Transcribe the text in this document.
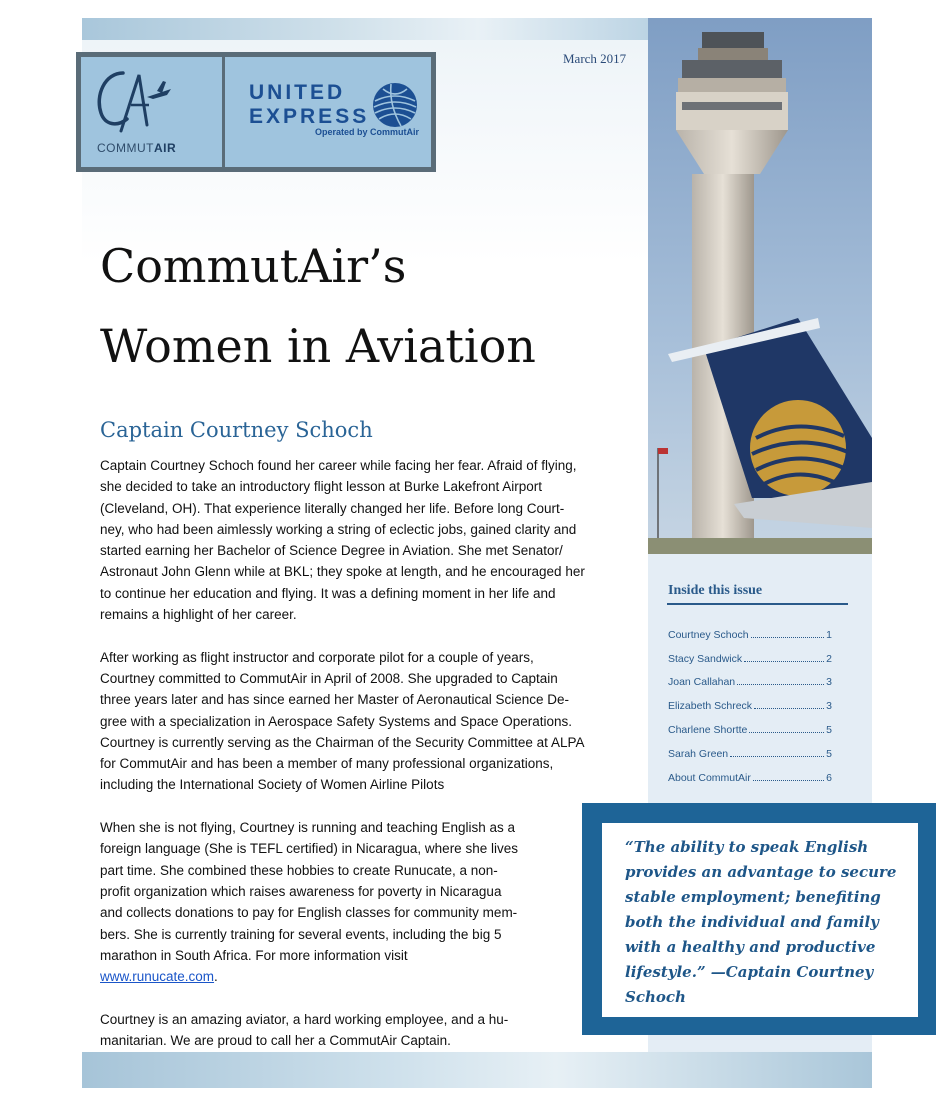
COMMUTAIR
UNITED
EXPRESS
Operated by CommutAir
March 2017
CommutAir’s
Women in Aviation
Captain Courtney Schoch

Captain Courtney Schoch found her career while facing her fear. Afraid of flying,
she decided to take an introductory flight lesson at Burke Lakefront Airport
(Cleveland, OH). That experience literally changed her life. Before long Court-
ney, who had been aimlessly working a string of eclectic jobs, gained clarity and
started earning her Bachelor of Science Degree in Aviation. She met Senator/
Astronaut John Glenn while at BKL; they spoke at length, and he encouraged her
to continue her education and flying. It was a defining moment in her life and
remains a highlight of her career.

After working as flight instructor and corporate pilot for a couple of years,
Courtney committed to CommutAir in April of 2008. She upgraded to Captain
three years later and has since earned her Master of Aeronautical Science De-
gree with a specialization in Aerospace Safety Systems and Space Operations.
Courtney is currently serving as the Chairman of the Security Committee at ALPA
for CommutAir and has been a member of many professional organizations,
including the International Society of Women Airline Pilots

When she is not flying, Courtney is running and teaching English as a
foreign language (She is TEFL certified) in Nicaragua, where she lives
part time. She combined these hobbies to create Runucate, a non-
profit organization which raises awareness for poverty in Nicaragua
and collects donations to pay for English classes for community mem-
bers. She is currently training for several events, including the big 5
marathon in South Africa. For more information visit
www.runucate.com.

Courtney is an amazing aviator, a hard working employee, and a hu-
manitarian. We are proud to call her a CommutAir Captain.

Inside this issue
Courtney Schoch	1
Stacy Sandwick	2
Joan Callahan	3
Elizabeth Schreck	3
Charlene Shortte	5
Sarah Green	5
About CommutAir	6
“The ability to speak English
provides an advantage to secure
stable employment; benefiting
both the individual and family
with a healthy and productive
lifestyle.” —Captain Courtney
Schoch
